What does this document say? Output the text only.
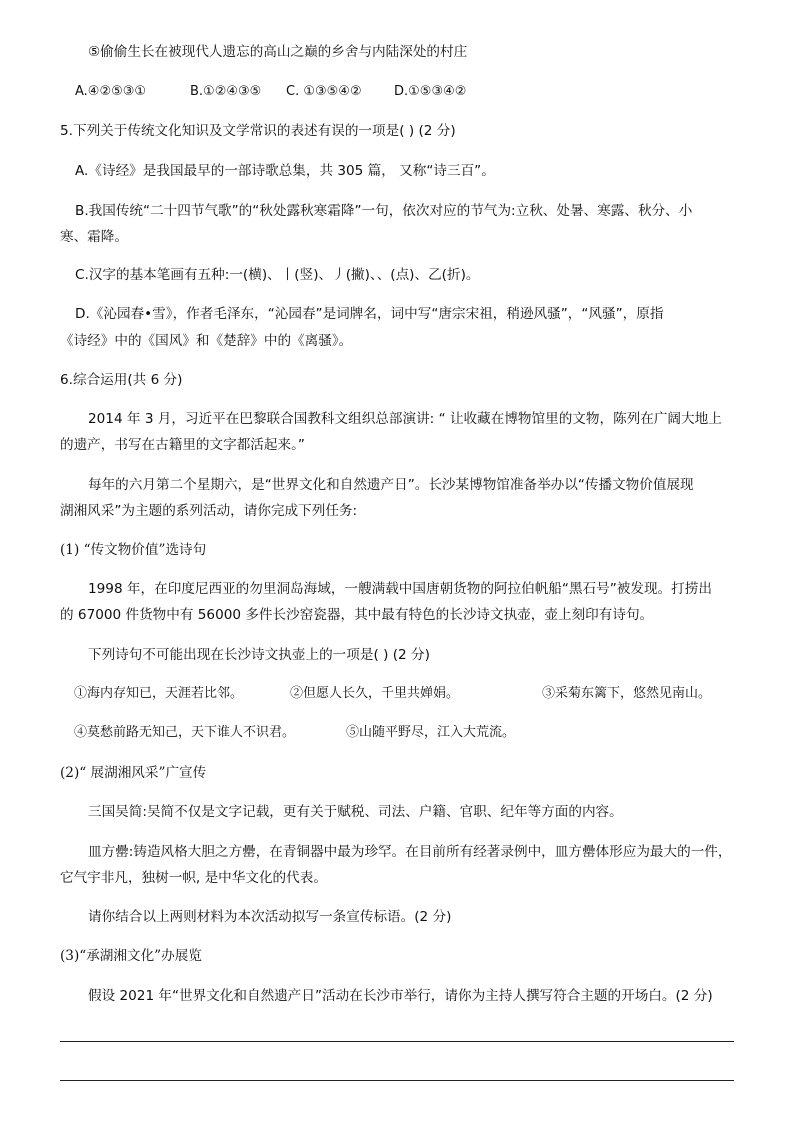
⑤偷偷生长在被现代人遗忘的高山之巅的乡舍与内陆深处的村庄
A.④②⑤③①	B.①②④③⑤ C. ①③⑤④② D.①⑤③④②
5.下列关于传统文化知识及文学常识的表述有误的一项是( ) (2 分)
A.《诗经》是我国最早的一部诗歌总集，共 305 篇， 又称“诗三百”。
B.我国传统“二十四节气歌”的“秋处露秋寒霜降”一句，依次对应的节气为:立秋、处暑、寒露、秋分、小
寒、霜降。
C.汉字的基本笔画有五种:一(横)、丨(竖)、丿(撇)、、(点)、乙(折)。
D.《沁园春•雪》，作者毛泽东，“沁园春”是词牌名，词中写“唐宗宋祖，稍逊风骚”，“风骚”，原指
《诗经》中的《国风》和《楚辞》中的《离骚》。
6.综合运用(共 6 分)
2014 年 3 月，习近平在巴黎联合国教科文组织总部演讲: “ 让收藏在博物馆里的文物，陈列在广阔大地上
的遗产，书写在古籍里的文字都活起来。”
每年的六月第二个星期六，是“世界文化和自然遗产日”。长沙某博物馆准备举办以“传播文物价值展现
湖湘风采”为主题的系列活动，请你完成下列任务:
(1) “传文物价值”选诗句
1998 年，在印度尼西亚的勿里洞岛海域，一艘满载中国唐朝货物的阿拉伯帆船“黑石号”被发现。打捞出
的 67000 件货物中有 56000 多件长沙窑瓷器，其中最有特色的长沙诗文执壶，壶上刻印有诗句。
下列诗句不可能出现在长沙诗文执壶上的一项是( ) (2 分)
①海内存知已，天涯若比邻。	②但愿人长久，千里共婵娟。	③采菊东篱下，悠然见南山。
④莫愁前路无知己，天下谁人不识君。	⑤山随平野尽，江入大荒流。
(2)“ 展湖湘风采”广宣传
三国吴简:吴简不仅是文字记载，更有关于赋税、司法、户籍、官职、纪年等方面的内容。
皿方罍:铸造风格大胆之方罍，在青铜器中最为珍罕。在目前所有经著录例中，皿方罍体形应为最大的一件，
它气宇非凡，独树一帜, 是中华文化的代表。
请你结合以上两则材料为本次活动拟写一条宣传标语。(2 分)
(3)“承湖湘文化”办展览
假设 2021 年“世界文化和自然遗产日”活动在长沙市举行，请你为主持人撰写符合主题的开场白。(2 分)
